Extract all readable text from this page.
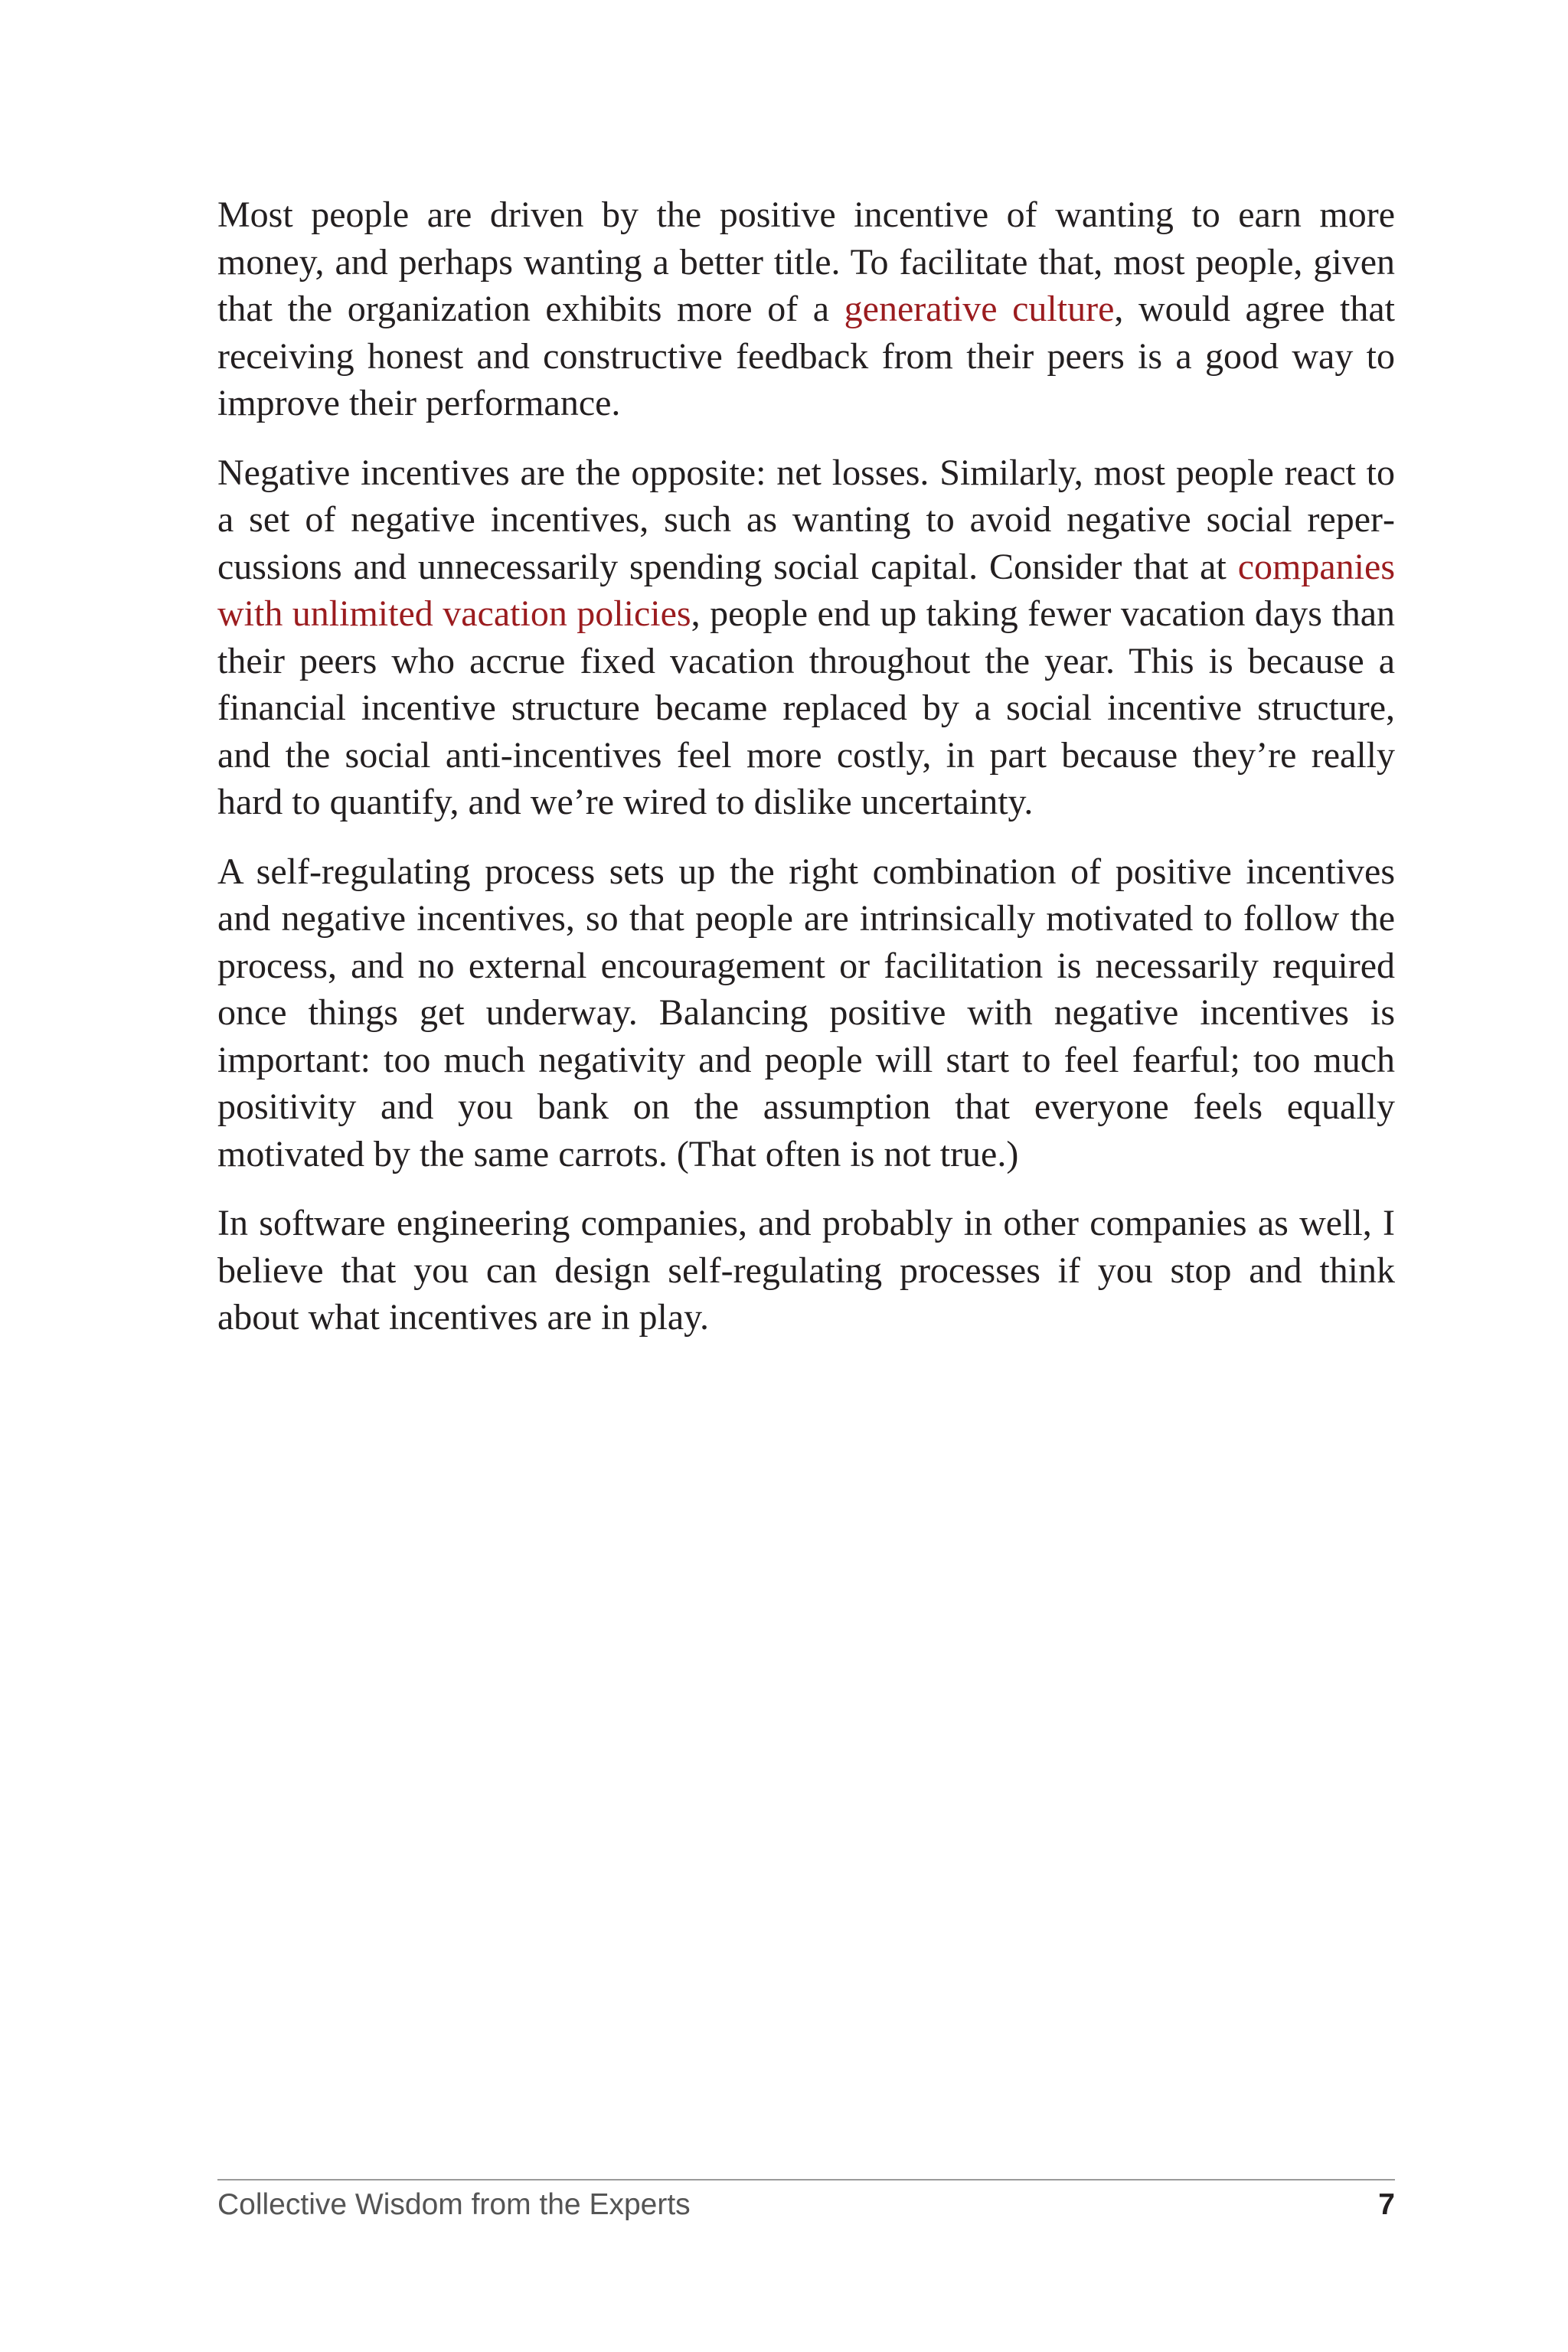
Most people are driven by the positive incentive of wanting to earn more money, and perhaps wanting a better title. To facilitate that, most people, given that the organization exhibits more of a generative culture, would agree that receiving honest and constructive feedback from their peers is a good way to improve their performance.

Negative incentives are the opposite: net losses. Similarly, most people react to a set of negative incentives, such as wanting to avoid negative social repercussions and unnecessarily spending social capital. Consider that at companies with unlimited vacation policies, people end up taking fewer vacation days than their peers who accrue fixed vacation throughout the year. This is because a financial incentive structure became replaced by a social incentive structure, and the social anti-incentives feel more costly, in part because they’re really hard to quantify, and we’re wired to dislike uncertainty.

A self-regulating process sets up the right combination of positive incentives and negative incentives, so that people are intrinsically motivated to follow the process, and no external encouragement or facilitation is necessarily required once things get underway. Balancing positive with negative incentives is important: too much negativity and people will start to feel fearful; too much positivity and you bank on the assumption that everyone feels equally motivated by the same carrots. (That often is not true.)

In software engineering companies, and probably in other companies as well, I believe that you can design self-regulating processes if you stop and think about what incentives are in play.

Collective Wisdom from the Experts	7
